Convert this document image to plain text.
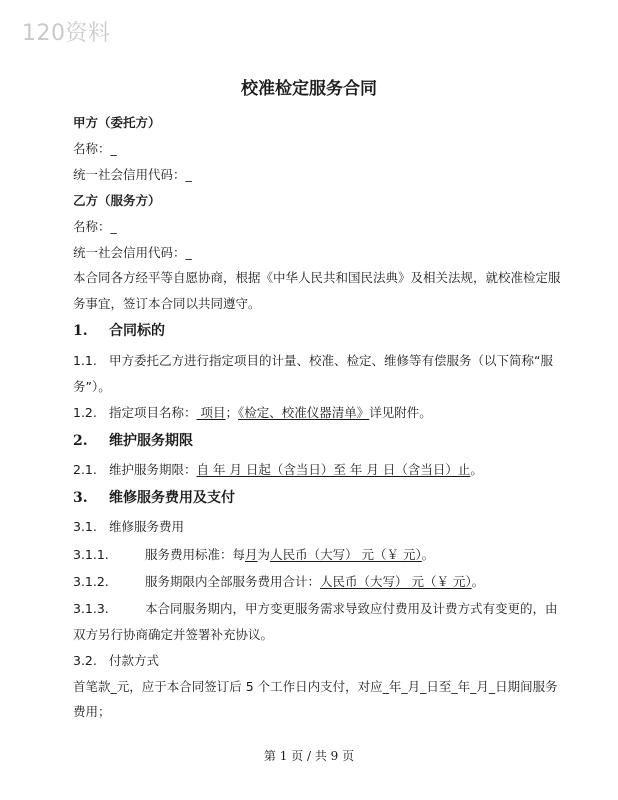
120资料
校准检定服务合同
甲方（委托方）
名称：_
统一社会信用代码：_
乙方（服务方）
名称：_
统一社会信用代码：_
本合同各方经平等自愿协商，根据《中华人民共和国民法典》及相关法规，就校准检定服
务事宜，签订本合同以共同遵守。
1. 合同标的
1.1. 甲方委托乙方进行指定项目的计量、校准、检定、维修等有偿服务（以下简称“服
务”）。
1.2. 指定项目名称： 项目；《检定、校准仪器清单》详见附件。
2. 维护服务期限
2.1. 维护服务期限：自 年 月 日起（含当日）至 年 月 日（含当日）止。
3. 维修服务费用及支付
3.1. 维修服务费用
3.1.1.	服务费用标准：每月为人民币（大写） 元（￥ 元）。
3.1.2.	服务期限内全部服务费用合计：人民币（大写） 元（￥ 元）。
3.1.3.	本合同服务期内，甲方变更服务需求导致应付费用及计费方式有变更的，由
双方另行协商确定并签署补充协议。
3.2. 付款方式
首笔款_元，应于本合同签订后 5 个工作日内支付，对应_年_月_日至_年_月_日期间服务
费用；
第 1 页 / 共 9 页
